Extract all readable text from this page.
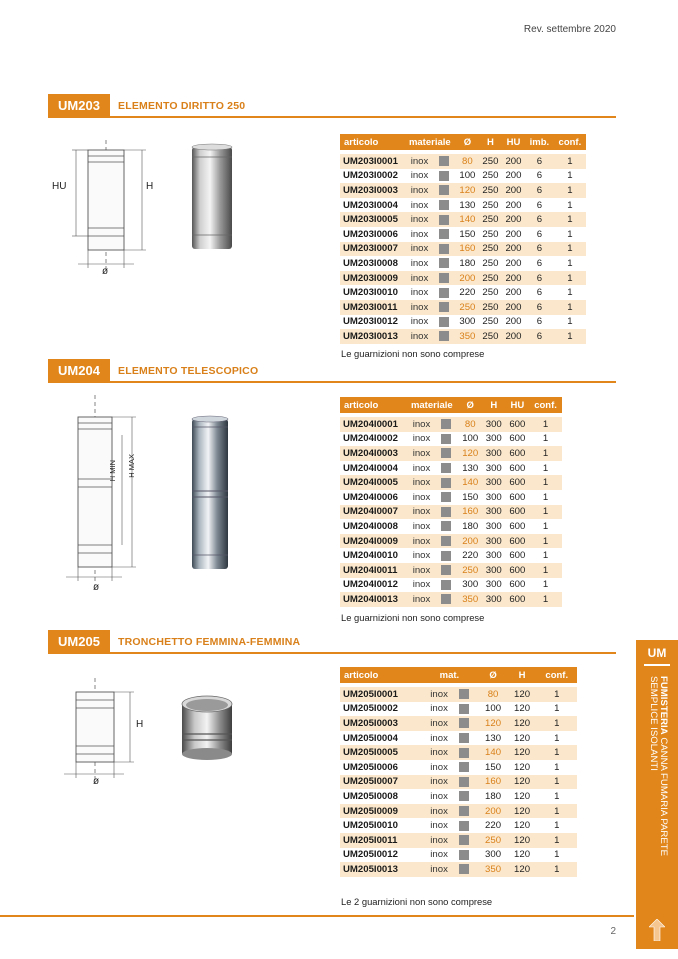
Rev. settembre 2020
UM203	ELEMENTO DIRITTO 250
HU	H
ø
articolo	materiale	Ø	H	HU	imb.	conf.

UM203I0001	inox	80	250	200	6	1
UM203I0002	inox	100	250	200	6	1
UM203I0003	inox	120	250	200	6	1
UM203I0004	inox	130	250	200	6	1
UM203I0005	inox	140	250	200	6	1
UM203I0006	inox	150	250	200	6	1
UM203I0007	inox	160	250	200	6	1
UM203I0008	inox	180	250	200	6	1
UM203I0009	inox	200	250	200	6	1
UM203I0010	inox	220	250	200	6	1
UM203I0011	inox	250	250	200	6	1
UM203I0012	inox	300	250	200	6	1
UM203I0013	inox	350	250	200	6	1
Le guarnizioni non sono comprese
UM204	ELEMENTO TELESCOPICO
H MIN H MAX
ø
articolo	materiale	Ø	H	HU	conf.

UM204I0001	inox	80	300	600	1
UM204I0002	inox	100	300	600	1
UM204I0003	inox	120	300	600	1
UM204I0004	inox	130	300	600	1
UM204I0005	inox	140	300	600	1
UM204I0006	inox	150	300	600	1
UM204I0007	inox	160	300	600	1
UM204I0008	inox	180	300	600	1
UM204I0009	inox	200	300	600	1
UM204I0010	inox	220	300	600	1
UM204I0011	inox	250	300	600	1
UM204I0012	inox	300	300	600	1
UM204I0013	inox	350	300	600	1
Le guarnizioni non sono comprese
UM205	TRONCHETTO FEMMINA-FEMMINA
H
ø
articolo	mat.	Ø	H	conf.

UM205I0001	inox	80	120	1
UM205I0002	inox	100	120	1
UM205I0003	inox	120	120	1
UM205I0004	inox	130	120	1
UM205I0005	inox	140	120	1
UM205I0006	inox	150	120	1
UM205I0007	inox	160	120	1
UM205I0008	inox	180	120	1
UM205I0009	inox	200	120	1
UM205I0010	inox	220	120	1
UM205I0011	inox	250	120	1
UM205I0012	inox	300	120	1
UM205I0013	inox	350	120	1
Le 2 guarnizioni non sono comprese
UM
FUMISTERIA CANNA FUMARIA PARETE SEMPLICE ISOLANTI
2
